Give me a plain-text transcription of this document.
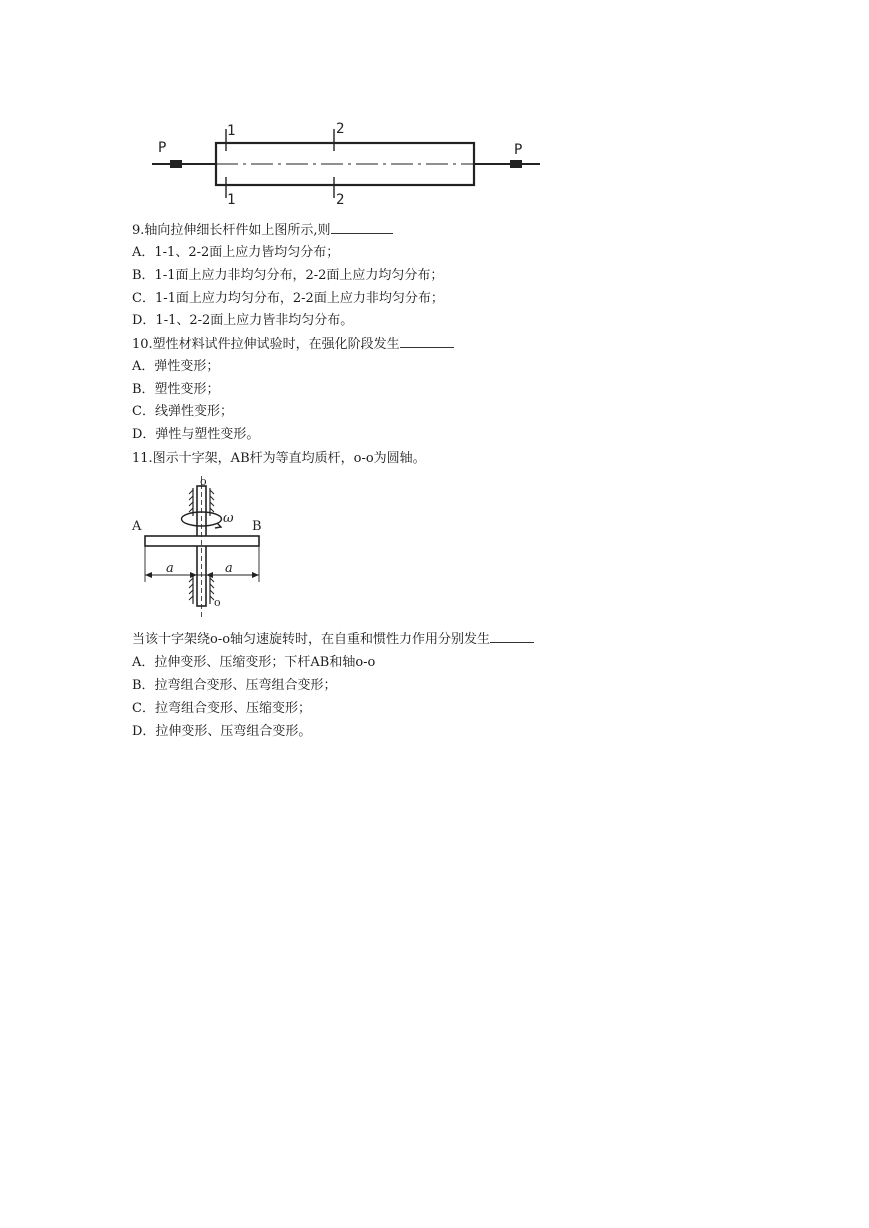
P	P
1
1
2
2
9.轴向拉伸细长杆件如上图所示,则
A．1-1、2-2面上应力皆均匀分布；
B．1-1面上应力非均匀分布，2-2面上应力均匀分布；
C．1-1面上应力均匀分布，2-2面上应力非均匀分布；
D．1-1、2-2面上应力皆非均匀分布。
10.塑性材料试件拉伸试验时，在强化阶段发生
A．弹性变形；
B．塑性变形；
C．线弹性变形；
D．弹性与塑性变形。
11.图示十字架，AB杆为等直均质杆，o-o为圆轴。
A	B
o
o
ω
a	a
当该十字架绕o-o轴匀速旋转时，在自重和惯性力作用分别发生
A．拉伸变形、压缩变形；下杆AB和轴o-o
B．拉弯组合变形、压弯组合变形；
C．拉弯组合变形、压缩变形；
D．拉伸变形、压弯组合变形。
